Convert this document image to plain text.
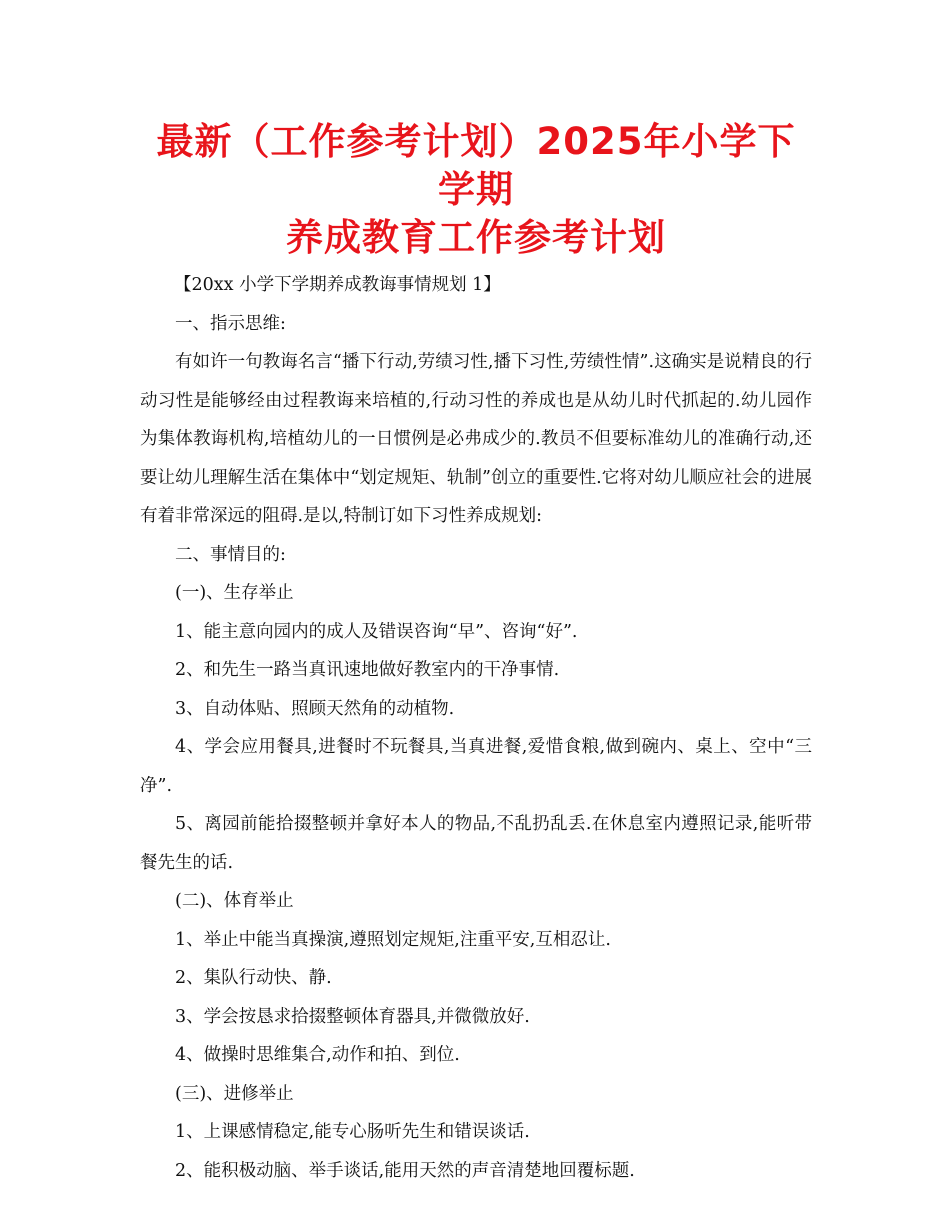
最新（工作参考计划）2025年小学下学期
养成教育工作参考计划

【20xx 小学下学期养成教诲事情规划 1】

一、指示思维:

有如许一句教诲名言“播下行动,劳绩习性,播下习性,劳绩性情”.这确实是说精良的行动习性是能够经由过程教诲来培植的,行动习性的养成也是从幼儿时代抓起的.幼儿园作为集体教诲机构,培植幼儿的一日惯例是必弗成少的.教员不但要标准幼儿的准确行动,还要让幼儿理解生活在集体中“划定规矩、轨制”创立的重要性.它将对幼儿顺应社会的进展有着非常深远的阻碍.是以,特制订如下习性养成规划:

二、事情目的:

(一)、生存举止

1、能主意向园内的成人及错误咨询“早”、咨询“好”.

2、和先生一路当真讯速地做好教室内的干净事情.

3、自动体贴、照顾天然角的动植物.

4、学会应用餐具,进餐时不玩餐具,当真进餐,爱惜食粮,做到碗内、桌上、空中“三净”.

5、离园前能拾掇整顿并拿好本人的物品,不乱扔乱丢.在休息室内遵照记录,能听带餐先生的话.

(二)、体育举止

1、举止中能当真操演,遵照划定规矩,注重平安,互相忍让.

2、集队行动快、静.

3、学会按恳求拾掇整顿体育器具,并微微放好.

4、做操时思维集合,动作和拍、到位.

(三)、进修举止

1、上课感情稳定,能专心肠听先生和错误谈话.

2、能积极动脑、举手谈话,能用天然的声音清楚地回覆标题.
